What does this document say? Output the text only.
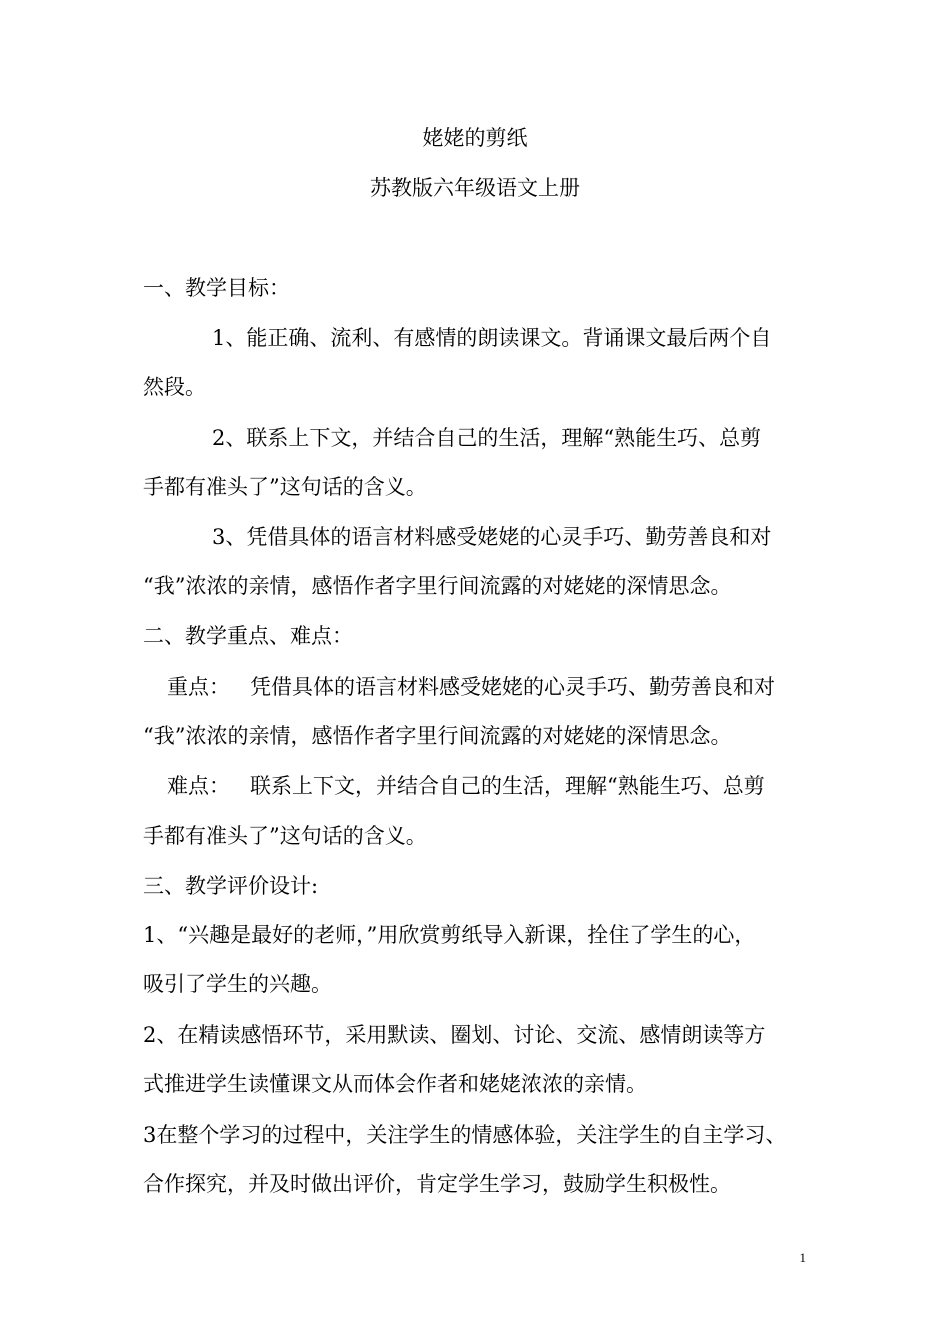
姥姥的剪纸
苏教版六年级语文上册
一、教学目标：
1、能正确、流利、有感情的朗读课文。背诵课文最后两个自
然段。
2、联系上下文，并结合自己的生活，理解“熟能生巧、总剪
手都有准头了”这句话的含义。
3、凭借具体的语言材料感受姥姥的心灵手巧、勤劳善良和对
“我”浓浓的亲情，感悟作者字里行间流露的对姥姥的深情思念。
二、教学重点、难点：
重点：   凭借具体的语言材料感受姥姥的心灵手巧、勤劳善良和对
“我”浓浓的亲情，感悟作者字里行间流露的对姥姥的深情思念。
难点：   联系上下文，并结合自己的生活，理解“熟能生巧、总剪
手都有准头了”这句话的含义。
三、教学评价设计:
1、“兴趣是最好的老师，”用欣赏剪纸导入新课，拴住了学生的心，
吸引了学生的兴趣。
2、在精读感悟环节，采用默读、圈划、讨论、交流、感情朗读等方
式推进学生读懂课文从而体会作者和姥姥浓浓的亲情。
3在整个学习的过程中，关注学生的情感体验，关注学生的自主学习、
合作探究，并及时做出评价，肯定学生学习，鼓励学生积极性。
1
